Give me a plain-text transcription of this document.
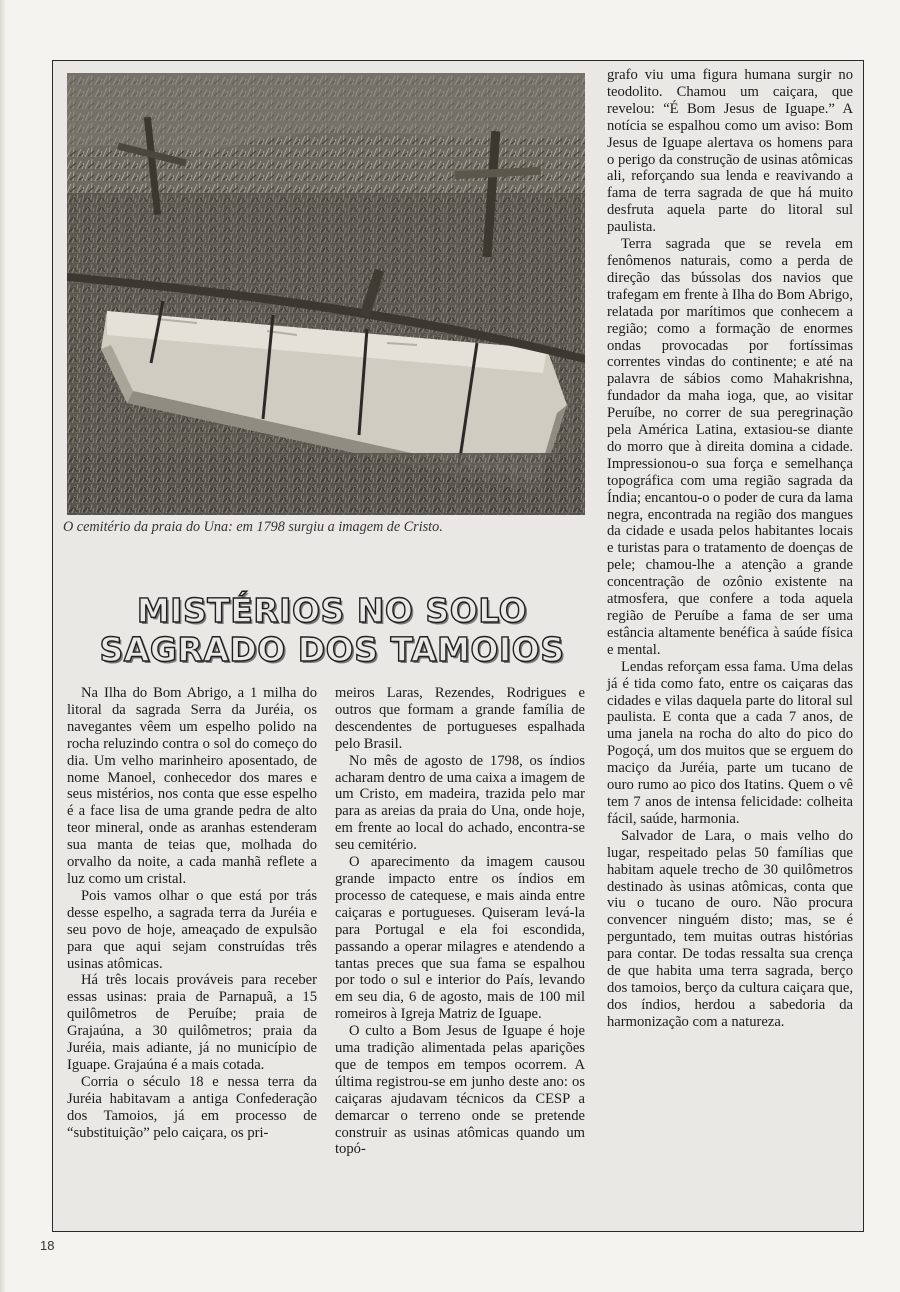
O cemitério da praia do Una: em 1798 surgiu a imagem de Cristo.
MISTÉRIOS NO SOLO
SAGRADO DOS TAMOIOS

Na Ilha do Bom Abrigo, a 1 milha do litoral da sagrada Serra da Juréia, os navegantes vêem um espelho polido na rocha reluzindo contra o sol do começo do dia. Um velho marinheiro aposentado, de nome Manoel, conhecedor dos mares e seus mistérios, nos conta que esse espelho é a face lisa de uma grande pedra de alto teor mineral, onde as aranhas estenderam sua manta de teias que, molhada do orvalho da noite, a cada manhã reflete a luz como um cristal.

Pois vamos olhar o que está por trás desse espelho, a sagrada terra da Juréia e seu povo de hoje, ameaçado de expulsão para que aqui sejam construídas três usinas atômicas.

Há três locais prováveis para receber essas usinas: praia de Parnapuã, a 15 quilômetros de Peruíbe; praia de Grajaúna, a 30 quilômetros; praia da Juréia, mais adiante, já no município de Iguape. Grajaúna é a mais cotada.

Corria o século 18 e nessa terra da Juréia habitavam a antiga Confederação dos Tamoios, já em processo de “substituição” pelo caiçara, os pri-

meiros Laras, Rezendes, Rodrigues e outros que formam a grande família de descendentes de portugueses espalhada pelo Brasil.

No mês de agosto de 1798, os índios acharam dentro de uma caixa a imagem de um Cristo, em madeira, trazida pelo mar para as areias da praia do Una, onde hoje, em frente ao local do achado, encontra-se seu cemitério.

O aparecimento da imagem causou grande impacto entre os índios em processo de catequese, e mais ainda entre caiçaras e portugueses. Quiseram levá-la para Portugal e ela foi escondida, passando a operar milagres e atendendo a tantas preces que sua fama se espalhou por todo o sul e interior do País, levando em seu dia, 6 de agosto, mais de 100 mil romeiros à Igreja Matriz de Iguape.

O culto a Bom Jesus de Iguape é hoje uma tradição alimentada pelas aparições que de tempos em tempos ocorrem. A última registrou-se em junho deste ano: os caiçaras ajudavam técnicos da CESP a demarcar o terreno onde se pretende construir as usinas atômicas quando um topó-

grafo viu uma figura humana surgir no teodolito. Chamou um caiçara, que revelou: “É Bom Jesus de Iguape.” A notícia se espalhou como um aviso: Bom Jesus de Iguape alertava os homens para o perigo da construção de usinas atômicas ali, reforçando sua lenda e reavivando a fama de terra sagrada de que há muito desfruta aquela parte do litoral sul paulista.

Terra sagrada que se revela em fenômenos naturais, como a perda de direção das bússolas dos navios que trafegam em frente à Ilha do Bom Abrigo, relatada por marítimos que conhecem a região; como a formação de enormes ondas provocadas por fortíssimas correntes vindas do continente; e até na palavra de sábios como Mahakrishna, fundador da maha ioga, que, ao visitar Peruíbe, no correr de sua peregrinação pela América Latina, extasiou-se diante do morro que à direita domina a cidade. Impressionou-o sua força e semelhança topográfica com uma região sagrada da Índia; encantou-o o poder de cura da lama negra, encontrada na região dos mangues da cidade e usada pelos habitantes locais e turistas para o tratamento de doenças de pele; chamou-lhe a atenção a grande concentração de ozônio existente na atmosfera, que confere a toda aquela região de Peruíbe a fama de ser uma estância altamente benéfica à saúde física e mental.

Lendas reforçam essa fama. Uma delas já é tida como fato, entre os caiçaras das cidades e vilas daquela parte do litoral sul paulista. E conta que a cada 7 anos, de uma janela na rocha do alto do pico do Pogoçá, um dos muitos que se erguem do maciço da Juréia, parte um tucano de ouro rumo ao pico dos Itatins. Quem o vê tem 7 anos de intensa felicidade: colheita fácil, saúde, harmonia.

Salvador de Lara, o mais velho do lugar, respeitado pelas 50 famílias que habitam aquele trecho de 30 quilômetros destinado às usinas atômicas, conta que viu o tucano de ouro. Não procura convencer ninguém disto; mas, se é perguntado, tem muitas outras histórias para contar. De todas ressalta sua crença de que habita uma terra sagrada, berço dos tamoios, berço da cultura caiçara que, dos índios, herdou a sabedoria da harmonização com a natureza.

18
